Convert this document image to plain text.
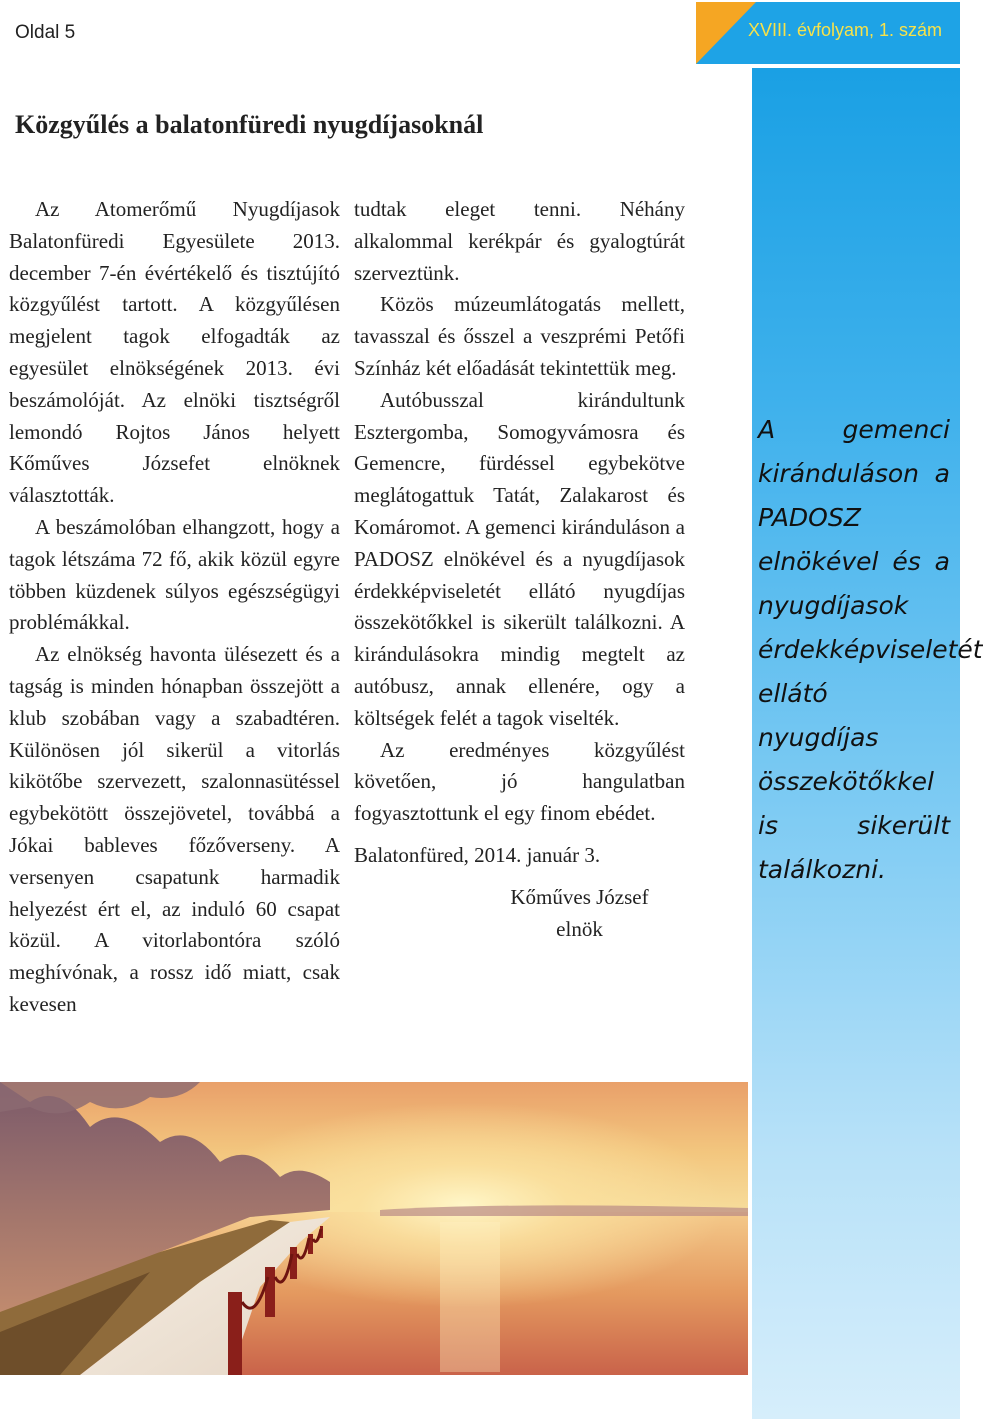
Oldal 5	XVIII. évfolyam, 1. szám
A gemenci kiránduláson a PADOSZ elnökével és a nyugdíjasok érdekképviseletét ellátó nyugdíjas összekötőkkel is sikerült találkozni.
Közgyűlés a balatonfüredi nyugdíjasoknál

Az Atomerőmű Nyugdíjasok Balatonfüredi Egyesülete 2013. december 7-én évértékelő és tisztújító közgyűlést tartott. A közgyűlésen megjelent tagok elfogadták az egyesület elnökségének 2013. évi beszámolóját. Az elnöki tisztségről lemondó Rojtos János helyett Kőműves Józsefet elnöknek választották.

A beszámolóban elhangzott, hogy a tagok létszáma 72 fő, akik közül egyre többen küzdenek súlyos egészségügyi problémákkal.

Az elnökség havonta ülésezett és a tagság is minden hónapban összejött a klub szobában vagy a szabadtéren. Különösen jól sikerül a vitorlás kikötőbe szervezett, szalonnasütéssel egybekötött összejövetel, továbbá a Jókai bableves főzőverseny. A versenyen csapatunk harmadik helyezést ért el, az induló 60 csapat közül. A vitorlabontóra szóló meghívónak, a rossz idő miatt, csak kevesen

tudtak eleget tenni. Néhány alkalommal kerékpár és gyalogtúrát szerveztünk.

Közös múzeumlátogatás mellett, tavasszal és ősszel a veszprémi Petőfi Színház két előadását tekintettük meg.

Autóbusszal kirándultunk Esztergomba, Somogyvámosra és Gemencre, fürdéssel egybekötve meglátogattuk Tatát, Zalakarost és Komáromot. A gemenci kiránduláson a PADOSZ elnökével és a nyugdíjasok érdekképviseletét ellátó nyugdíjas összekötőkkel is sikerült találkozni. A kirándulásokra mindig megtelt az autóbusz, annak ellenére, ogy a költségek felét a tagok viselték.

Az eredményes közgyűlést követően, jó hangulatban fogyasztottunk el egy finom ebédet.

Balatonfüred, 2014. január 3.

Kőműves József

elnök
